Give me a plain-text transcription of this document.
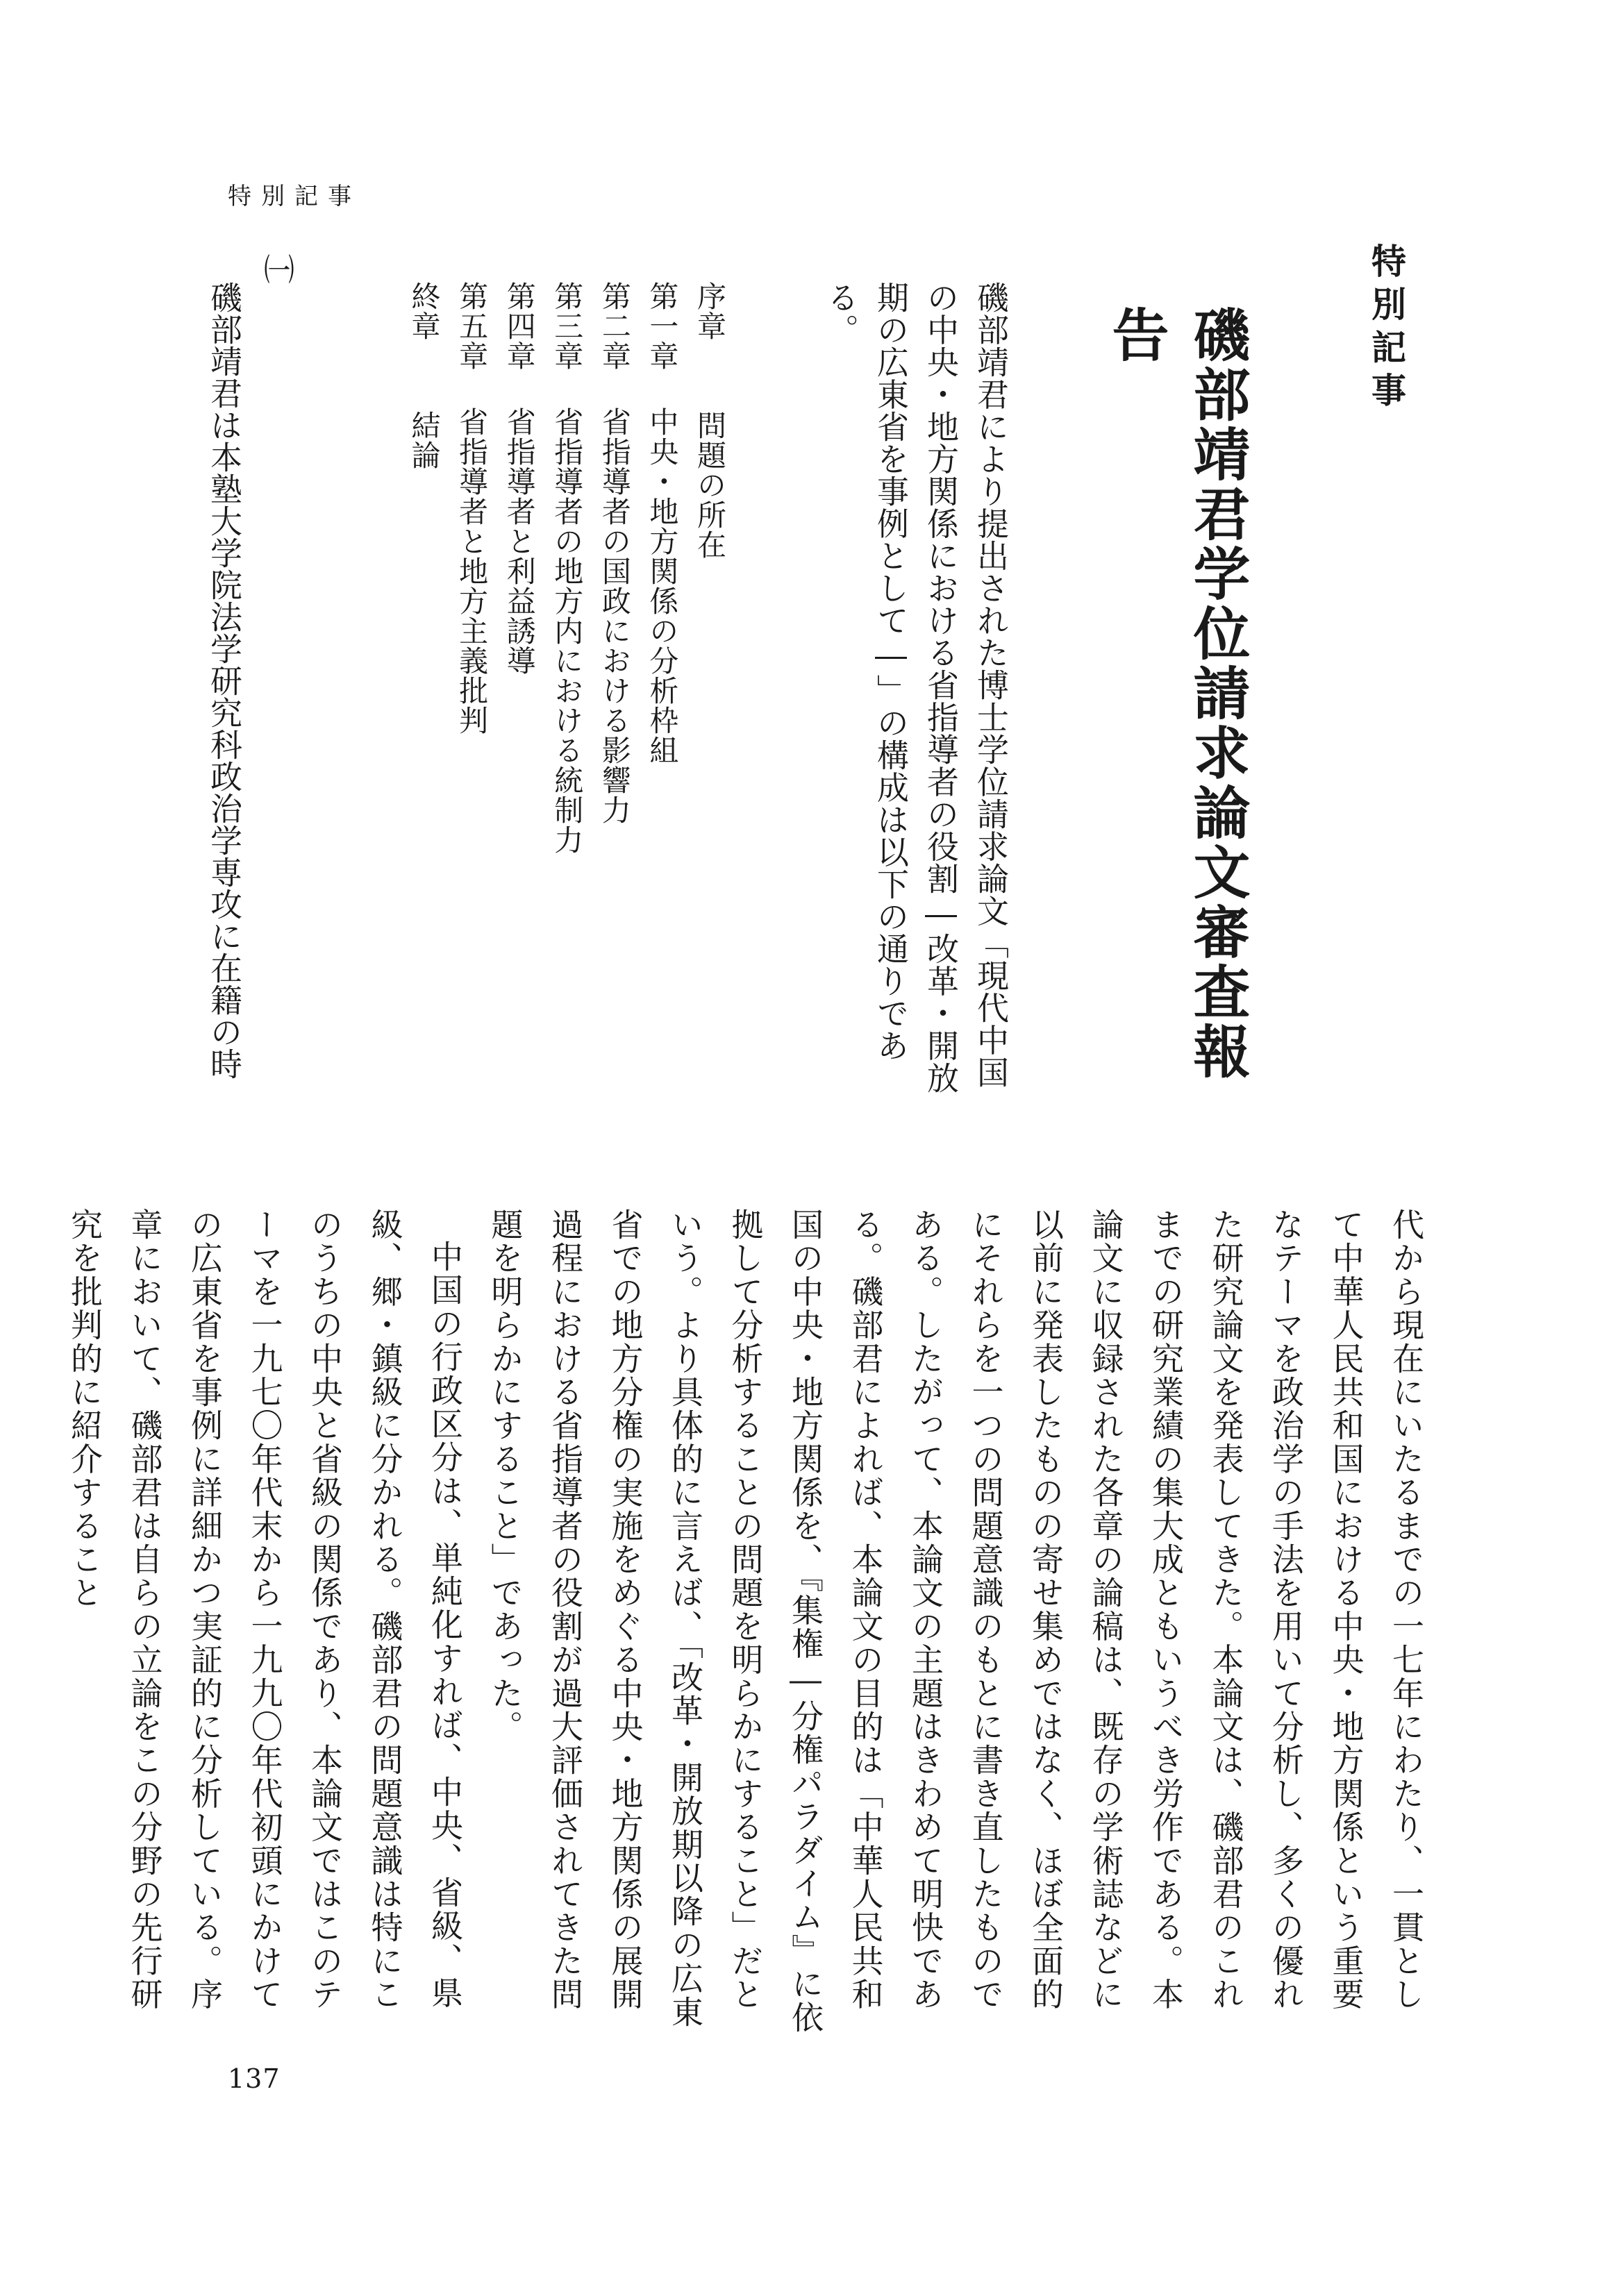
特別記事
特別記事
磯部靖君学位請求論文審査報告

磯部靖君により提出された博士学位請求論文「現代中国の中央・地方関係における省指導者の役割―改革・開放期の広東省を事例として―」の構成は以下の通りである。

序章問題の所在
第一章中央・地方関係の分析枠組
第二章省指導者の国政における影響力
第三章省指導者の地方内における統制力
第四章省指導者と利益誘導
第五章省指導者と地方主義批判
終章結論
㈠

磯部靖君は本塾大学院法学研究科政治学専攻に在籍の時

代から現在にいたるまでの一七年にわたり、一貫として中華人民共和国における中央・地方関係という重要なテーマを政治学の手法を用いて分析し、多くの優れた研究論文を発表してきた。本論文は、磯部君のこれまでの研究業績の集大成ともいうべき労作である。本論文に収録された各章の論稿は、既存の学術誌などに以前に発表したものの寄せ集めではなく、ほぼ全面的にそれらを一つの問題意識のもとに書き直したものである。したがって、本論文の主題はきわめて明快である。磯部君によれば、本論文の目的は「中華人民共和国の中央・地方関係を、『集権―分権パラダイム』に依拠して分析することの問題を明らかにすること」だという。より具体的に言えば、「改革・開放期以降の広東省での地方分権の実施をめぐる中央・地方関係の展開過程における省指導者の役割が過大評価されてきた問題を明らかにすること」であった。

中国の行政区分は、単純化すれば、中央、省級、県級、郷・鎮級に分かれる。磯部君の問題意識は特にこのうちの中央と省級の関係であり、本論文ではこのテーマを一九七〇年代末から一九九〇年代初頭にかけての広東省を事例に詳細かつ実証的に分析している。序章において、磯部君は自らの立論をこの分野の先行研究を批判的に紹介すること

137
